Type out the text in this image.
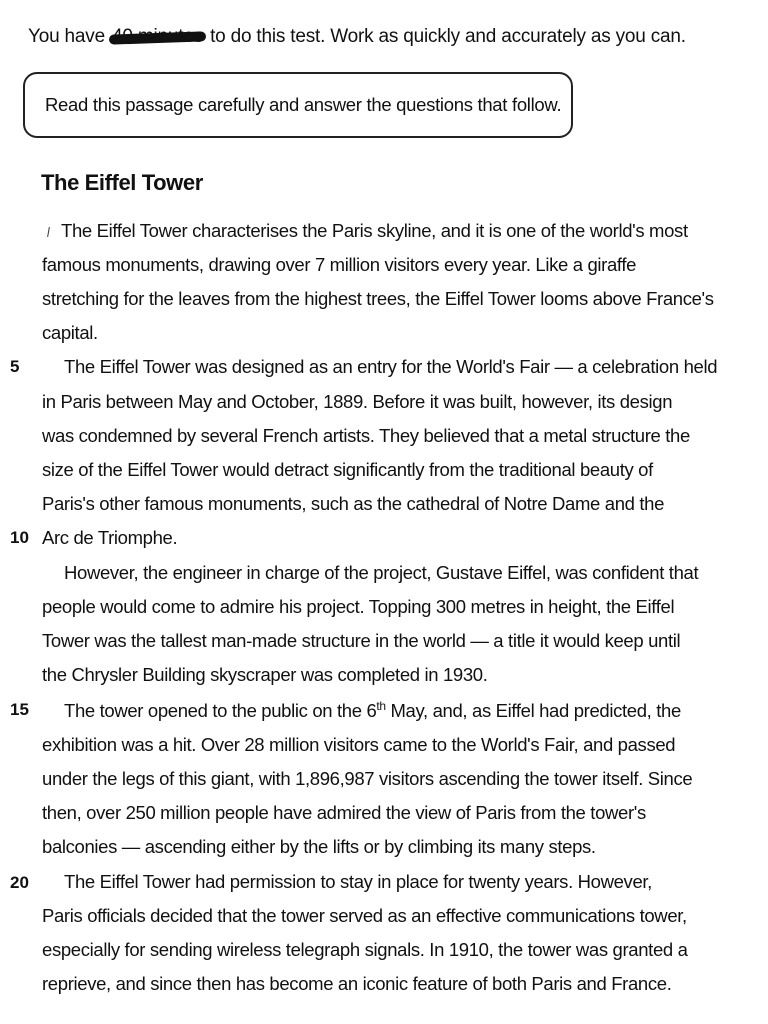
You have	to do this test. Work as quickly and accurately as you can.
Read this passage carefully and answer the questions that follow.
The Eiffel Tower
5
10
15
20
The Eiffel Tower characterises the Paris skyline, and it is one of the world's most
famous monuments, drawing over 7 million visitors every year. Like a giraffe
stretching for the leaves from the highest trees, the Eiffel Tower looms above France's
capital.
The Eiffel Tower was designed as an entry for the World's Fair — a celebration held
in Paris between May and October, 1889. Before it was built, however, its design
was condemned by several French artists. They believed that a metal structure the
size of the Eiffel Tower would detract significantly from the traditional beauty of
Paris's other famous monuments, such as the cathedral of Notre Dame and the
Arc de Triomphe.
However, the engineer in charge of the project, Gustave Eiffel, was confident that
people would come to admire his project. Topping 300 metres in height, the Eiffel
Tower was the tallest man-made structure in the world — a title it would keep until
the Chrysler Building skyscraper was completed in 1930.
The tower opened to the public on the 6th May, and, as Eiffel had predicted, the
exhibition was a hit. Over 28 million visitors came to the World's Fair, and passed
under the legs of this giant, with 1,896,987 visitors ascending the tower itself. Since
then, over 250 million people have admired the view of Paris from the tower's
balconies — ascending either by the lifts or by climbing its many steps.
The Eiffel Tower had permission to stay in place for twenty years. However,
Paris officials decided that the tower served as an effective communications tower,
especially for sending wireless telegraph signals. In 1910, the tower was granted a
reprieve, and since then has become an iconic feature of both Paris and France.
